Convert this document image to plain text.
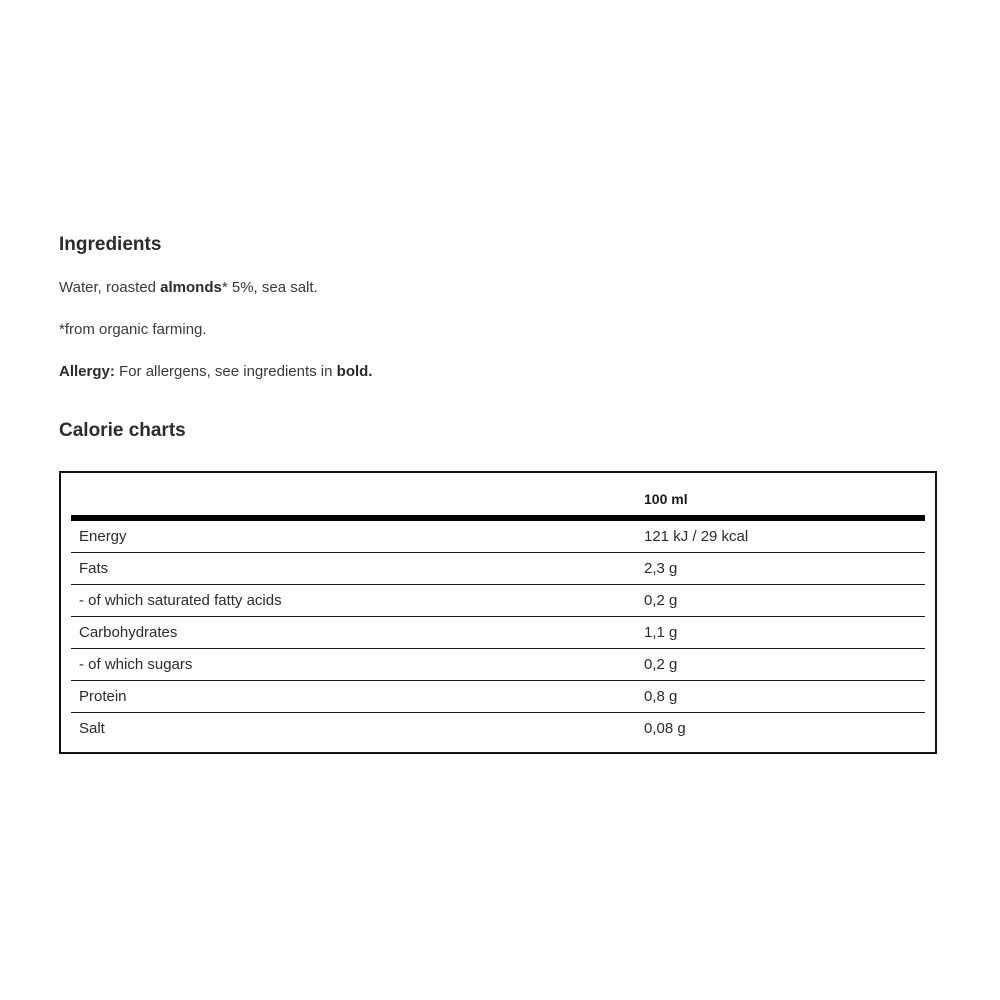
Ingredients

Water, roasted almonds* 5%, sea salt.

*from organic farming.

Allergy: For allergens, see ingredients in bold.

Calorie charts
100 ml
Energy	121 kJ / 29 kcal
Fats	2,3 g
- of which saturated fatty acids	0,2 g
Carbohydrates	1,1 g
- of which sugars	0,2 g
Protein	0,8 g
Salt	0,08 g
